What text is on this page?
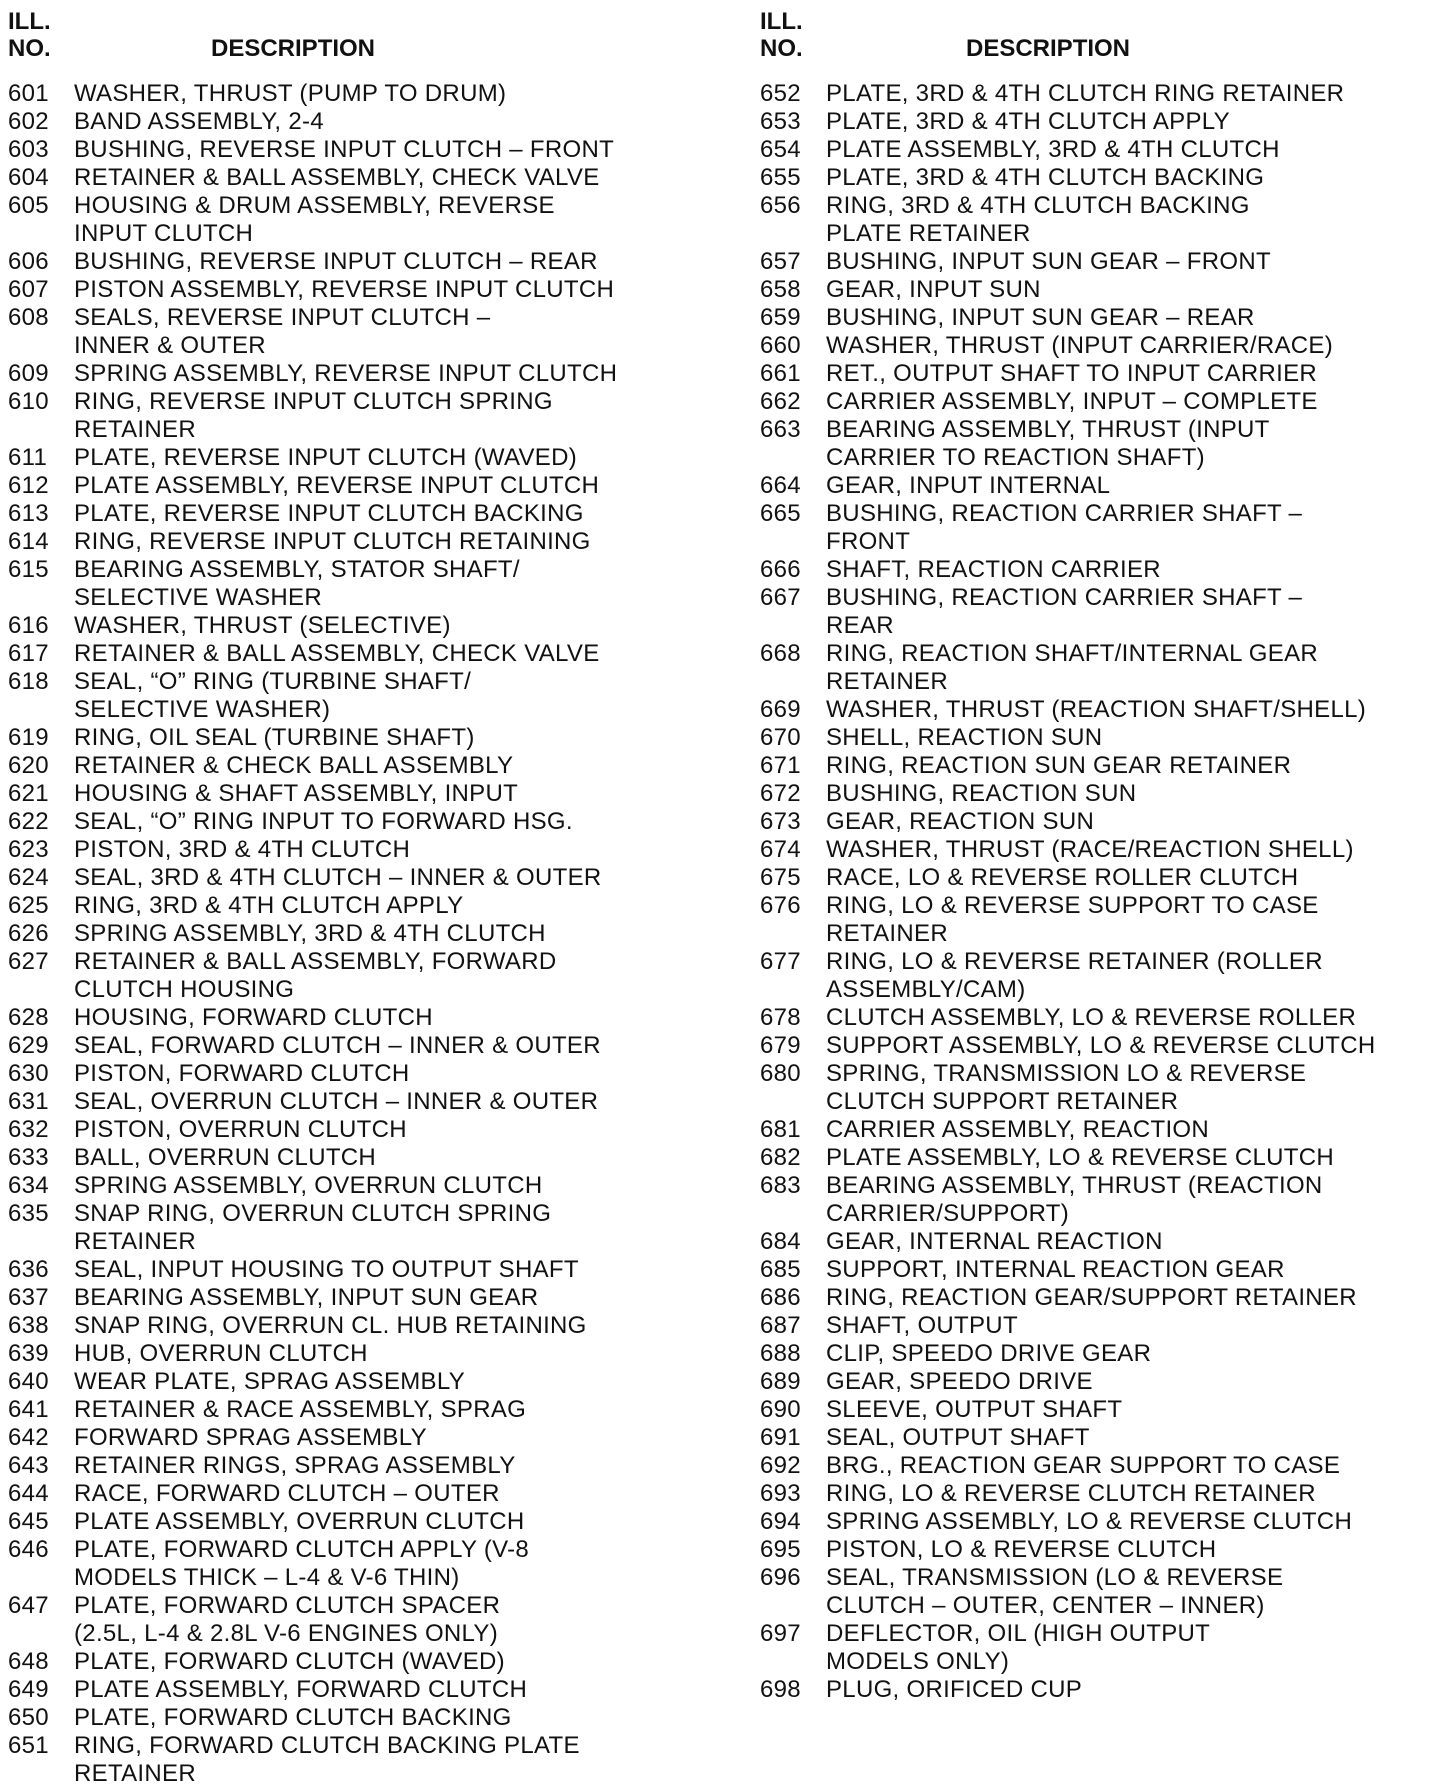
ILL.
NO.	DESCRIPTION
601	WASHER, THRUST (PUMP TO DRUM)
602	BAND ASSEMBLY, 2-4
603	BUSHING, REVERSE INPUT CLUTCH – FRONT
604	RETAINER & BALL ASSEMBLY, CHECK VALVE
605	HOUSING & DRUM ASSEMBLY, REVERSE
INPUT CLUTCH
606	BUSHING, REVERSE INPUT CLUTCH – REAR
607	PISTON ASSEMBLY, REVERSE INPUT CLUTCH
608	SEALS, REVERSE INPUT CLUTCH –
INNER & OUTER
609	SPRING ASSEMBLY, REVERSE INPUT CLUTCH
610	RING, REVERSE INPUT CLUTCH SPRING
RETAINER
611	PLATE, REVERSE INPUT CLUTCH (WAVED)
612	PLATE ASSEMBLY, REVERSE INPUT CLUTCH
613	PLATE, REVERSE INPUT CLUTCH BACKING
614	RING, REVERSE INPUT CLUTCH RETAINING
615	BEARING ASSEMBLY, STATOR SHAFT/
SELECTIVE WASHER
616	WASHER, THRUST (SELECTIVE)
617	RETAINER & BALL ASSEMBLY, CHECK VALVE
618	SEAL, “O” RING (TURBINE SHAFT/
SELECTIVE WASHER)
619	RING, OIL SEAL (TURBINE SHAFT)
620	RETAINER & CHECK BALL ASSEMBLY
621	HOUSING & SHAFT ASSEMBLY, INPUT
622	SEAL, “O” RING INPUT TO FORWARD HSG.
623	PISTON, 3RD & 4TH CLUTCH
624	SEAL, 3RD & 4TH CLUTCH – INNER & OUTER
625	RING, 3RD & 4TH CLUTCH APPLY
626	SPRING ASSEMBLY, 3RD & 4TH CLUTCH
627	RETAINER & BALL ASSEMBLY, FORWARD
CLUTCH HOUSING
628	HOUSING, FORWARD CLUTCH
629	SEAL, FORWARD CLUTCH – INNER & OUTER
630	PISTON, FORWARD CLUTCH
631	SEAL, OVERRUN CLUTCH – INNER & OUTER
632	PISTON, OVERRUN CLUTCH
633	BALL, OVERRUN CLUTCH
634	SPRING ASSEMBLY, OVERRUN CLUTCH
635	SNAP RING, OVERRUN CLUTCH SPRING
RETAINER
636	SEAL, INPUT HOUSING TO OUTPUT SHAFT
637	BEARING ASSEMBLY, INPUT SUN GEAR
638	SNAP RING, OVERRUN CL. HUB RETAINING
639	HUB, OVERRUN CLUTCH
640	WEAR PLATE, SPRAG ASSEMBLY
641	RETAINER & RACE ASSEMBLY, SPRAG
642	FORWARD SPRAG ASSEMBLY
643	RETAINER RINGS, SPRAG ASSEMBLY
644	RACE, FORWARD CLUTCH – OUTER
645	PLATE ASSEMBLY, OVERRUN CLUTCH
646	PLATE, FORWARD CLUTCH APPLY (V-8
MODELS THICK – L-4 & V-6 THIN)
647	PLATE, FORWARD CLUTCH SPACER
(2.5L, L-4 & 2.8L V-6 ENGINES ONLY)
648	PLATE, FORWARD CLUTCH (WAVED)
649	PLATE ASSEMBLY, FORWARD CLUTCH
650	PLATE, FORWARD CLUTCH BACKING
651	RING, FORWARD CLUTCH BACKING PLATE
RETAINER
ILL.
NO.	DESCRIPTION
652	PLATE, 3RD & 4TH CLUTCH RING RETAINER
653	PLATE, 3RD & 4TH CLUTCH APPLY
654	PLATE ASSEMBLY, 3RD & 4TH CLUTCH
655	PLATE, 3RD & 4TH CLUTCH BACKING
656	RING, 3RD & 4TH CLUTCH BACKING
PLATE RETAINER
657	BUSHING, INPUT SUN GEAR – FRONT
658	GEAR, INPUT SUN
659	BUSHING, INPUT SUN GEAR – REAR
660	WASHER, THRUST (INPUT CARRIER/RACE)
661	RET., OUTPUT SHAFT TO INPUT CARRIER
662	CARRIER ASSEMBLY, INPUT – COMPLETE
663	BEARING ASSEMBLY, THRUST (INPUT
CARRIER TO REACTION SHAFT)
664	GEAR, INPUT INTERNAL
665	BUSHING, REACTION CARRIER SHAFT –
FRONT
666	SHAFT, REACTION CARRIER
667	BUSHING, REACTION CARRIER SHAFT –
REAR
668	RING, REACTION SHAFT/INTERNAL GEAR
RETAINER
669	WASHER, THRUST (REACTION SHAFT/SHELL)
670	SHELL, REACTION SUN
671	RING, REACTION SUN GEAR RETAINER
672	BUSHING, REACTION SUN
673	GEAR, REACTION SUN
674	WASHER, THRUST (RACE/REACTION SHELL)
675	RACE, LO & REVERSE ROLLER CLUTCH
676	RING, LO & REVERSE SUPPORT TO CASE
RETAINER
677	RING, LO & REVERSE RETAINER (ROLLER
ASSEMBLY/CAM)
678	CLUTCH ASSEMBLY, LO & REVERSE ROLLER
679	SUPPORT ASSEMBLY, LO & REVERSE CLUTCH
680	SPRING, TRANSMISSION LO & REVERSE
CLUTCH SUPPORT RETAINER
681	CARRIER ASSEMBLY, REACTION
682	PLATE ASSEMBLY, LO & REVERSE CLUTCH
683	BEARING ASSEMBLY, THRUST (REACTION
CARRIER/SUPPORT)
684	GEAR, INTERNAL REACTION
685	SUPPORT, INTERNAL REACTION GEAR
686	RING, REACTION GEAR/SUPPORT RETAINER
687	SHAFT, OUTPUT
688	CLIP, SPEEDO DRIVE GEAR
689	GEAR, SPEEDO DRIVE
690	SLEEVE, OUTPUT SHAFT
691	SEAL, OUTPUT SHAFT
692	BRG., REACTION GEAR SUPPORT TO CASE
693	RING, LO & REVERSE CLUTCH RETAINER
694	SPRING ASSEMBLY, LO & REVERSE CLUTCH
695	PISTON, LO & REVERSE CLUTCH
696	SEAL, TRANSMISSION (LO & REVERSE
CLUTCH – OUTER, CENTER – INNER)
697	DEFLECTOR, OIL (HIGH OUTPUT
MODELS ONLY)
698	PLUG, ORIFICED CUP
